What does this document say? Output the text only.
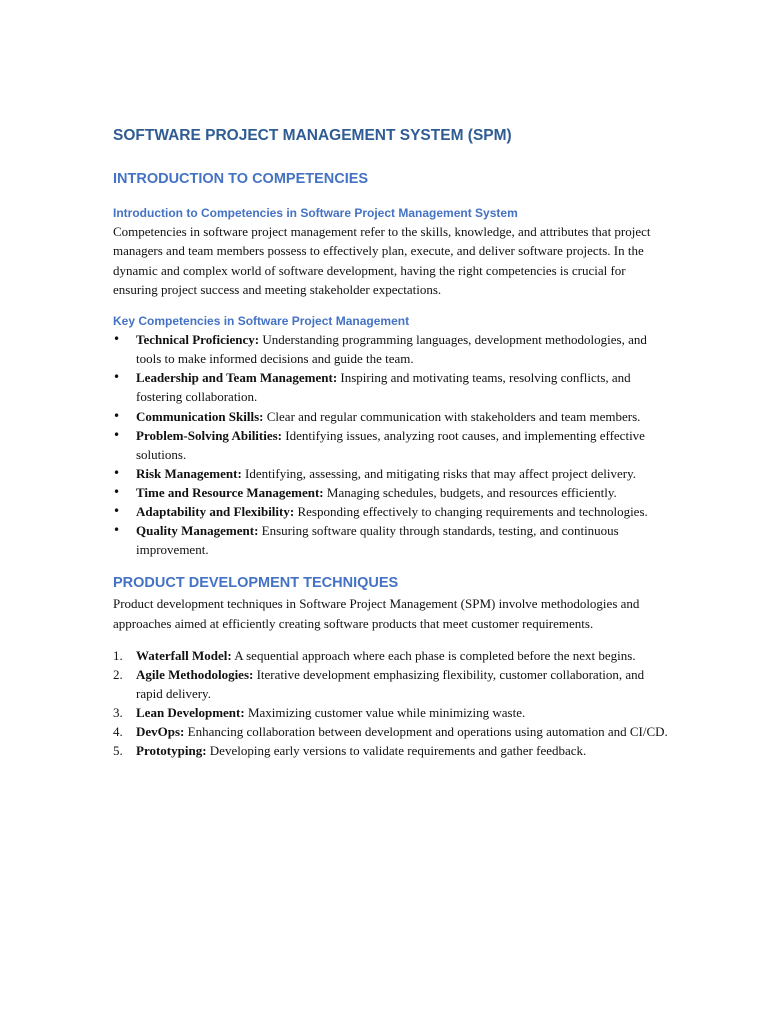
SOFTWARE PROJECT MANAGEMENT SYSTEM (SPM)
INTRODUCTION TO COMPETENCIES
Introduction to Competencies in Software Project Management System

Competencies in software project management refer to the skills, knowledge, and attributes that project managers and team members possess to effectively plan, execute, and deliver software projects. In the dynamic and complex world of software development, having the right competencies is crucial for ensuring project success and meeting stakeholder expectations.

Key Competencies in Software Project Management
• Technical Proficiency: Understanding programming languages, development methodologies, and tools to make informed decisions and guide the team.
• Leadership and Team Management: Inspiring and motivating teams, resolving conflicts, and fostering collaboration.
• Communication Skills: Clear and regular communication with stakeholders and team members.
• Problem-Solving Abilities: Identifying issues, analyzing root causes, and implementing effective solutions.
• Risk Management: Identifying, assessing, and mitigating risks that may affect project delivery.
• Time and Resource Management: Managing schedules, budgets, and resources efficiently.
• Adaptability and Flexibility: Responding effectively to changing requirements and technologies.
• Quality Management: Ensuring software quality through standards, testing, and continuous improvement.
PRODUCT DEVELOPMENT TECHNIQUES

Product development techniques in Software Project Management (SPM) involve methodologies and approaches aimed at efficiently creating software products that meet customer requirements.

1. Waterfall Model: A sequential approach where each phase is completed before the next begins.
2. Agile Methodologies: Iterative development emphasizing flexibility, customer collaboration, and rapid delivery.
3. Lean Development: Maximizing customer value while minimizing waste.
4. DevOps: Enhancing collaboration between development and operations using automation and CI/CD.
5. Prototyping: Developing early versions to validate requirements and gather feedback.
